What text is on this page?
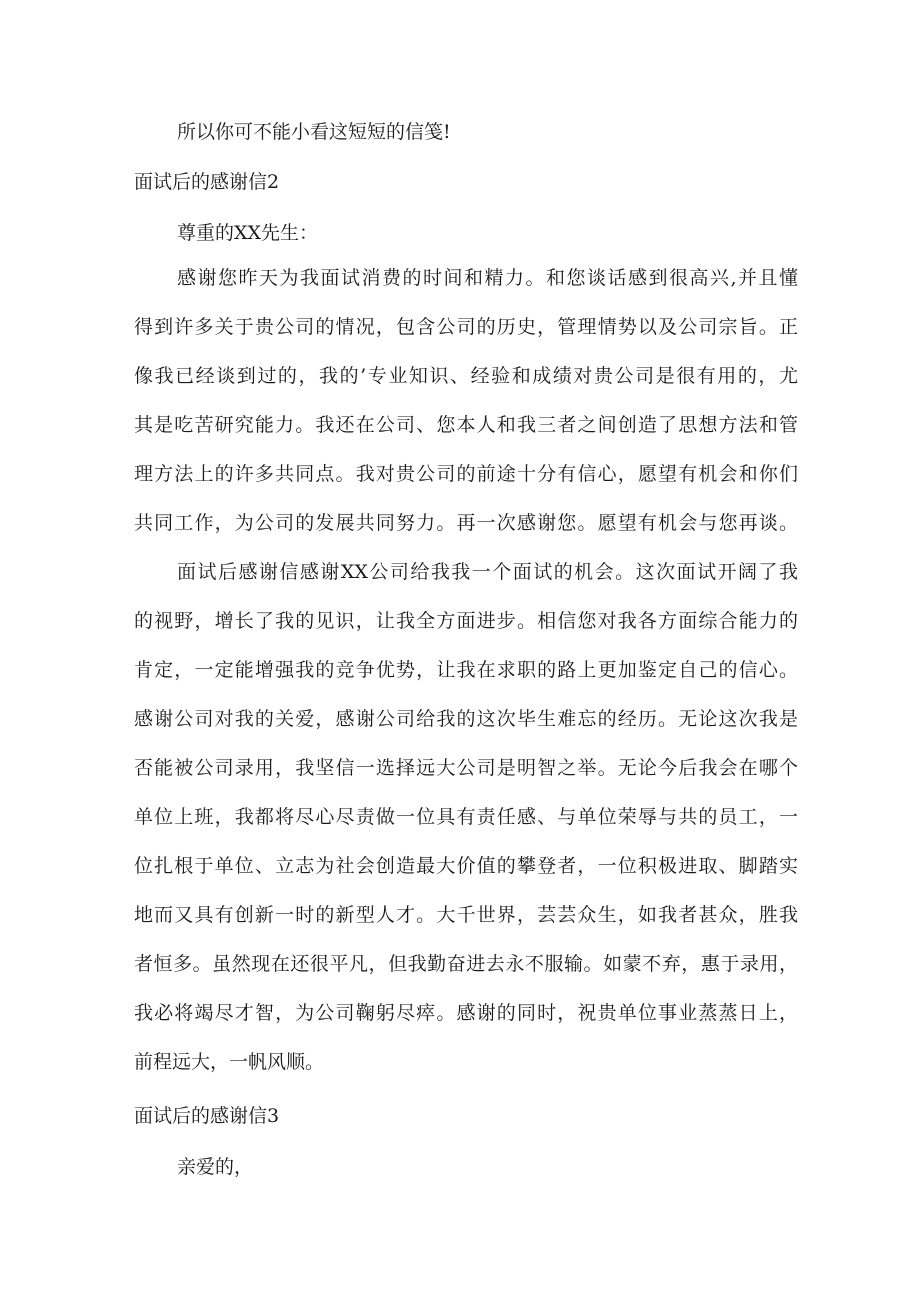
所以你可不能小看这短短的信笺!

面试后的感谢信2

尊重的XX先生：

感谢您昨天为我面试消费的时间和精力。和您谈话感到很高兴,并且懂

得到许多关于贵公司的情况，包含公司的历史，管理情势以及公司宗旨。正

像我已经谈到过的，我的’专业知识、经验和成绩对贵公司是很有用的，尤

其是吃苦研究能力。我还在公司、您本人和我三者之间创造了思想方法和管

理方法上的许多共同点。我对贵公司的前途十分有信心，愿望有机会和你们

共同工作，为公司的发展共同努力。再一次感谢您。愿望有机会与您再谈。

面试后感谢信感谢XX公司给我我一个面试的机会。这次面试开阔了我

的视野，增长了我的见识，让我全方面进步。相信您对我各方面综合能力的

肯定，一定能增强我的竞争优势，让我在求职的路上更加鉴定自己的信心。

感谢公司对我的关爱，感谢公司给我的这次毕生难忘的经历。无论这次我是

否能被公司录用，我坚信一选择远大公司是明智之举。无论今后我会在哪个

单位上班，我都将尽心尽责做一位具有责任感、与单位荣辱与共的员工，一

位扎根于单位、立志为社会创造最大价值的攀登者，一位积极进取、脚踏实

地而又具有创新一时的新型人才。大千世界，芸芸众生，如我者甚众，胜我

者恒多。虽然现在还很平凡，但我勤奋进去永不服输。如蒙不弃，惠于录用，

我必将竭尽才智，为公司鞠躬尽瘁。感谢的同时，祝贵单位事业蒸蒸日上，

前程远大，一帆风顺。

面试后的感谢信3

亲爱的，
